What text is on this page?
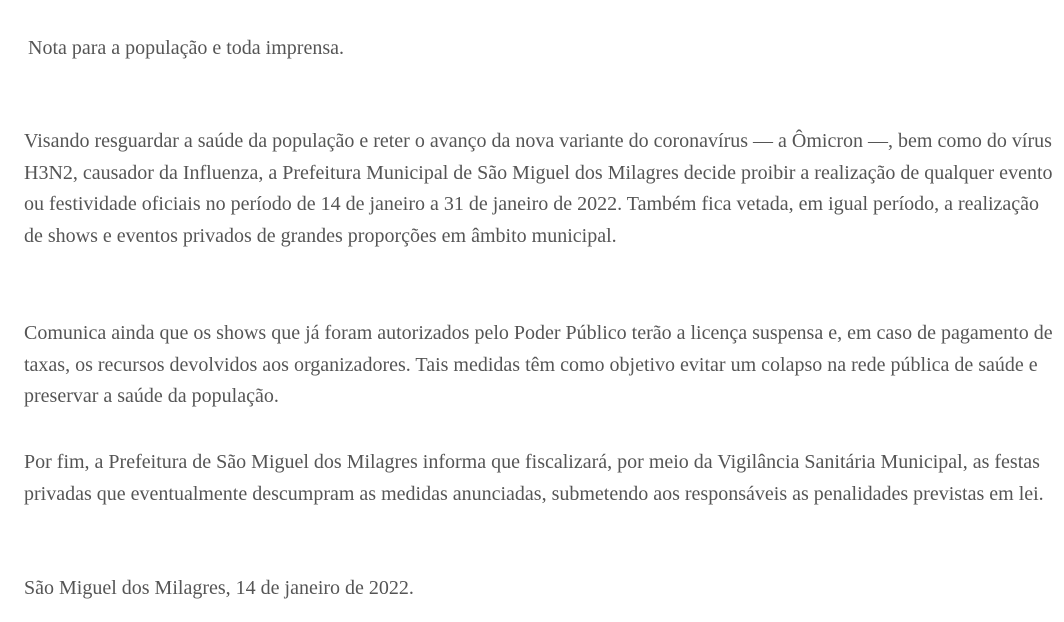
Nota para a população e toda imprensa.

Visando resguardar a saúde da população e reter o avanço da nova variante do coronavírus — a Ômicron —, bem como do vírus H3N2, causador da Influenza, a Prefeitura Municipal de São Miguel dos Milagres decide proibir a realização de qualquer evento ou festividade oficiais no período de 14 de janeiro a 31 de janeiro de 2022. Também fica vetada, em igual período, a realização de shows e eventos privados de grandes proporções em âmbito municipal.

Comunica ainda que os shows que já foram autorizados pelo Poder Público terão a licença suspensa e, em caso de pagamento de taxas, os recursos devolvidos aos organizadores. Tais medidas têm como objetivo evitar um colapso na rede pública de saúde e preservar a saúde da população.

Por fim, a Prefeitura de São Miguel dos Milagres informa que fiscalizará, por meio da Vigilância Sanitária Municipal, as festas privadas que eventualmente descumpram as medidas anunciadas, submetendo aos responsáveis as penalidades previstas em lei.

São Miguel dos Milagres, 14 de janeiro de 2022.
